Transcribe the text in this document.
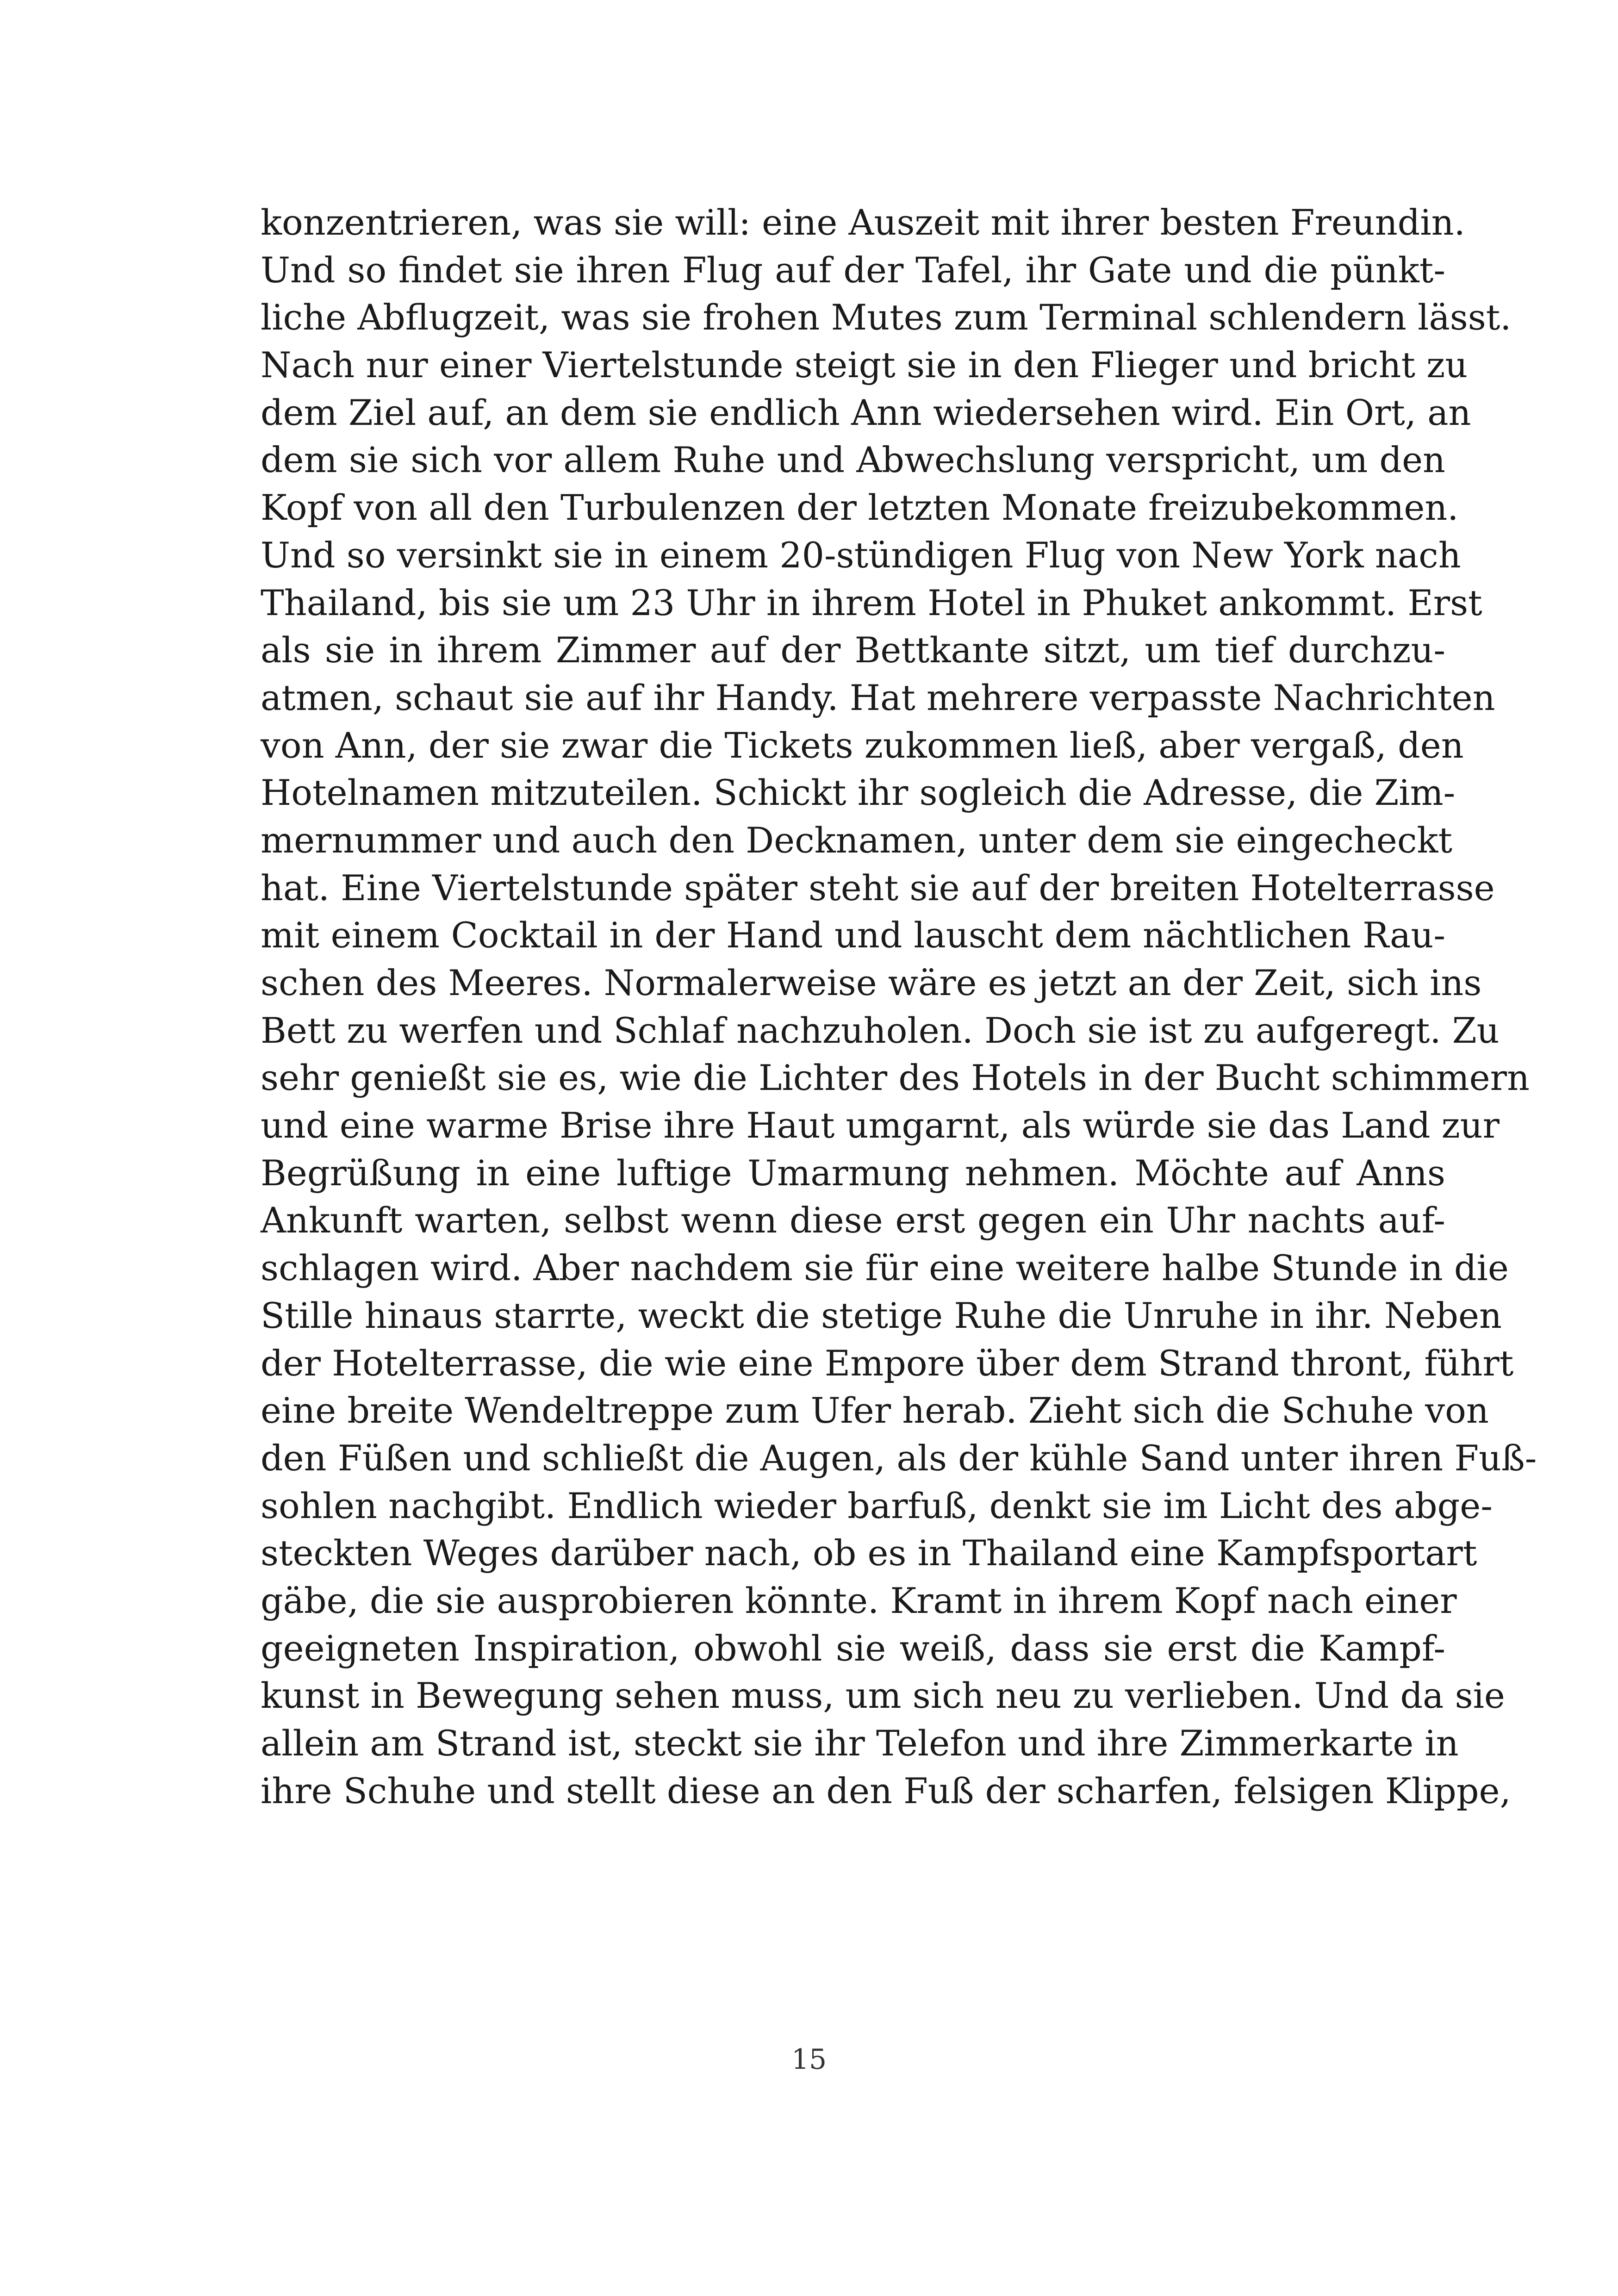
konzentrieren, was sie will: eine Auszeit mit ihrer besten Freundin.
Und so findet sie ihren Flug auf der Tafel, ihr Gate und die pünkt-
liche Abflugzeit, was sie frohen Mutes zum Terminal schlendern lässt.
Nach nur einer Viertelstunde steigt sie in den Flieger und bricht zu
dem Ziel auf, an dem sie endlich Ann wiedersehen wird. Ein Ort, an
dem sie sich vor allem Ruhe und Abwechslung verspricht, um den
Kopf von all den Turbulenzen der letzten Monate freizubekommen.
Und so versinkt sie in einem 20-stündigen Flug von New York nach
Thailand, bis sie um 23 Uhr in ihrem Hotel in Phuket ankommt. Erst
als sie in ihrem Zimmer auf der Bettkante sitzt, um tief durchzu-
atmen, schaut sie auf ihr Handy. Hat mehrere verpasste Nachrichten
von Ann, der sie zwar die Tickets zukommen ließ, aber vergaß, den
Hotelnamen mitzuteilen. Schickt ihr sogleich die Adresse, die Zim-
mernummer und auch den Decknamen, unter dem sie eingecheckt
hat. Eine Viertelstunde später steht sie auf der breiten Hotelterrasse
mit einem Cocktail in der Hand und lauscht dem nächtlichen Rau-
schen des Meeres. Normalerweise wäre es jetzt an der Zeit, sich ins
Bett zu werfen und Schlaf nachzuholen. Doch sie ist zu aufgeregt. Zu
sehr genießt sie es, wie die Lichter des Hotels in der Bucht schimmern
und eine warme Brise ihre Haut umgarnt, als würde sie das Land zur
Begrüßung in eine luftige Umarmung nehmen. Möchte auf Anns
Ankunft warten, selbst wenn diese erst gegen ein Uhr nachts auf-
schlagen wird. Aber nachdem sie für eine weitere halbe Stunde in die
Stille hinaus starrte, weckt die stetige Ruhe die Unruhe in ihr. Neben
der Hotelterrasse, die wie eine Empore über dem Strand thront, führt
eine breite Wendeltreppe zum Ufer herab. Zieht sich die Schuhe von
den Füßen und schließt die Augen, als der kühle Sand unter ihren Fuß-
sohlen nachgibt. Endlich wieder barfuß, denkt sie im Licht des abge-
steckten Weges darüber nach, ob es in Thailand eine Kampfsportart
gäbe, die sie ausprobieren könnte. Kramt in ihrem Kopf nach einer
geeigneten Inspiration, obwohl sie weiß, dass sie erst die Kampf-
kunst in Bewegung sehen muss, um sich neu zu verlieben. Und da sie
allein am Strand ist, steckt sie ihr Telefon und ihre Zimmerkarte in
ihre Schuhe und stellt diese an den Fuß der scharfen, felsigen Klippe,
15
